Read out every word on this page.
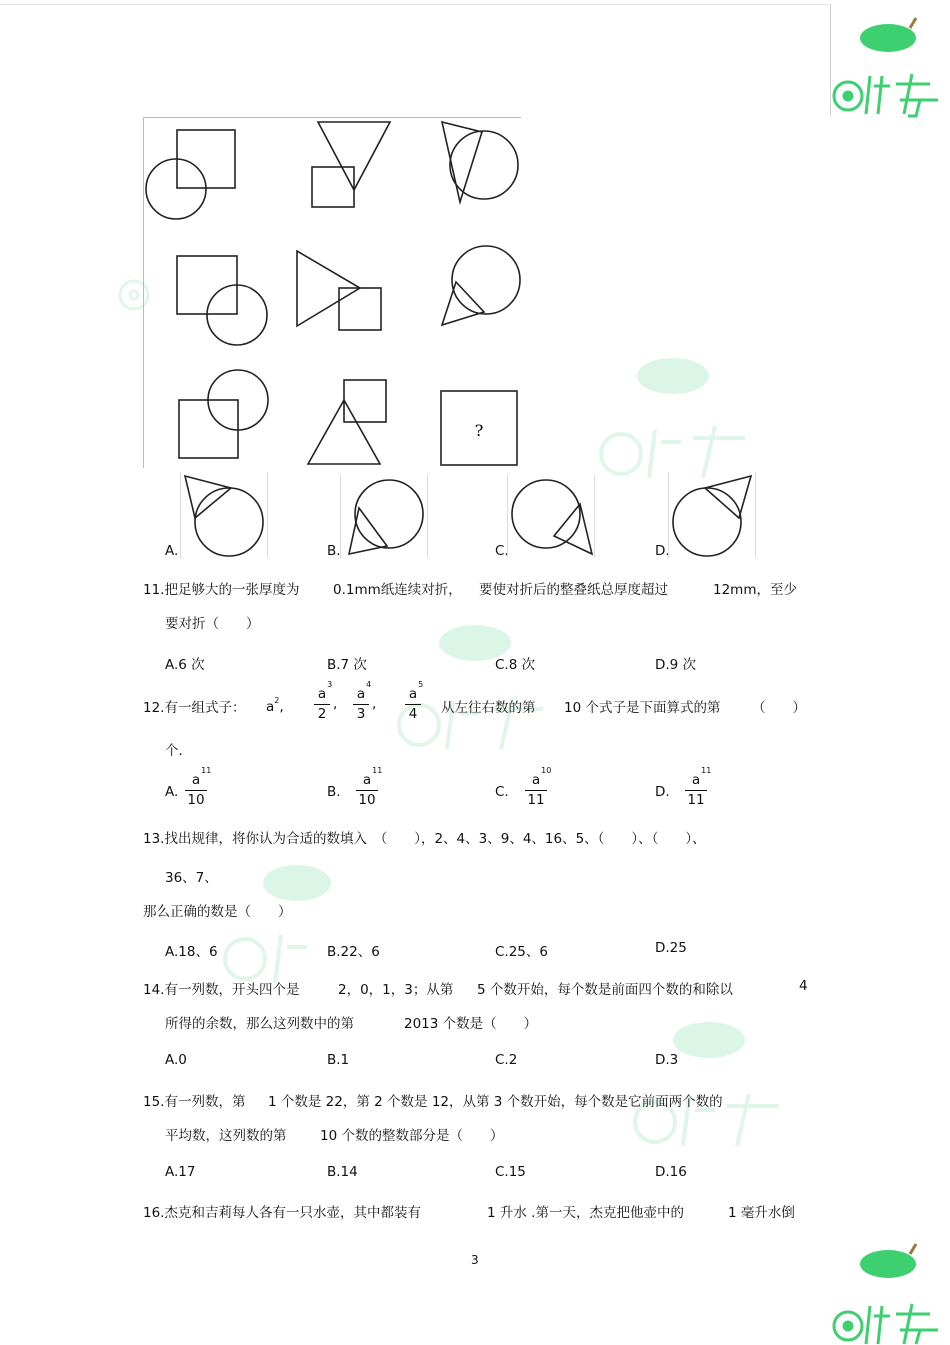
?
A.	B.	C.	D.
11.把足够大的一张厚度为 0.1mm纸连续对折， 要使对折后的整叠纸总厚度超过	12mm，至少
要对折（　　）
A.6 次	B.7 次	C.8 次	D.9 次
12.有一组式子： $a^2$,
a
3
2
,
a
4
3
,
a
5
4 从左往右数的第 10 个式子是下面算式的第 （　　）
个．
A.
a
11
10	B.
a
11
10	C.
a
10
11	D.
a
11
11
13.找出规律，将你认为合适的数填入　（　　），2、4、3、9、4、16、5、（　　）、（　　）、
36、7、
那么正确的数是（　　）
A.18、6	B.22、6	C.25、6	D.25
14.有一列数，开头四个是	2，0，1，3；从第 5 个数开始，每个数是前面四个数的和除以	4
所得的余数，那么这列数中的第	2013 个数是（　　）
A.0	B.1	C.2	D.3
15.有一列数，第 1 个数是 22，第 2 个数是 12，从第 3 个数开始，每个数是它前面两个数的
平均数，这列数的第 10 个数的整数部分是（　　）
A.17	B.14	C.15	D.16
16.杰克和吉莉每人各有一只水壶，其中都装有	1 升水 .第一天，杰克把他壶中的	1 毫升水倒
3
